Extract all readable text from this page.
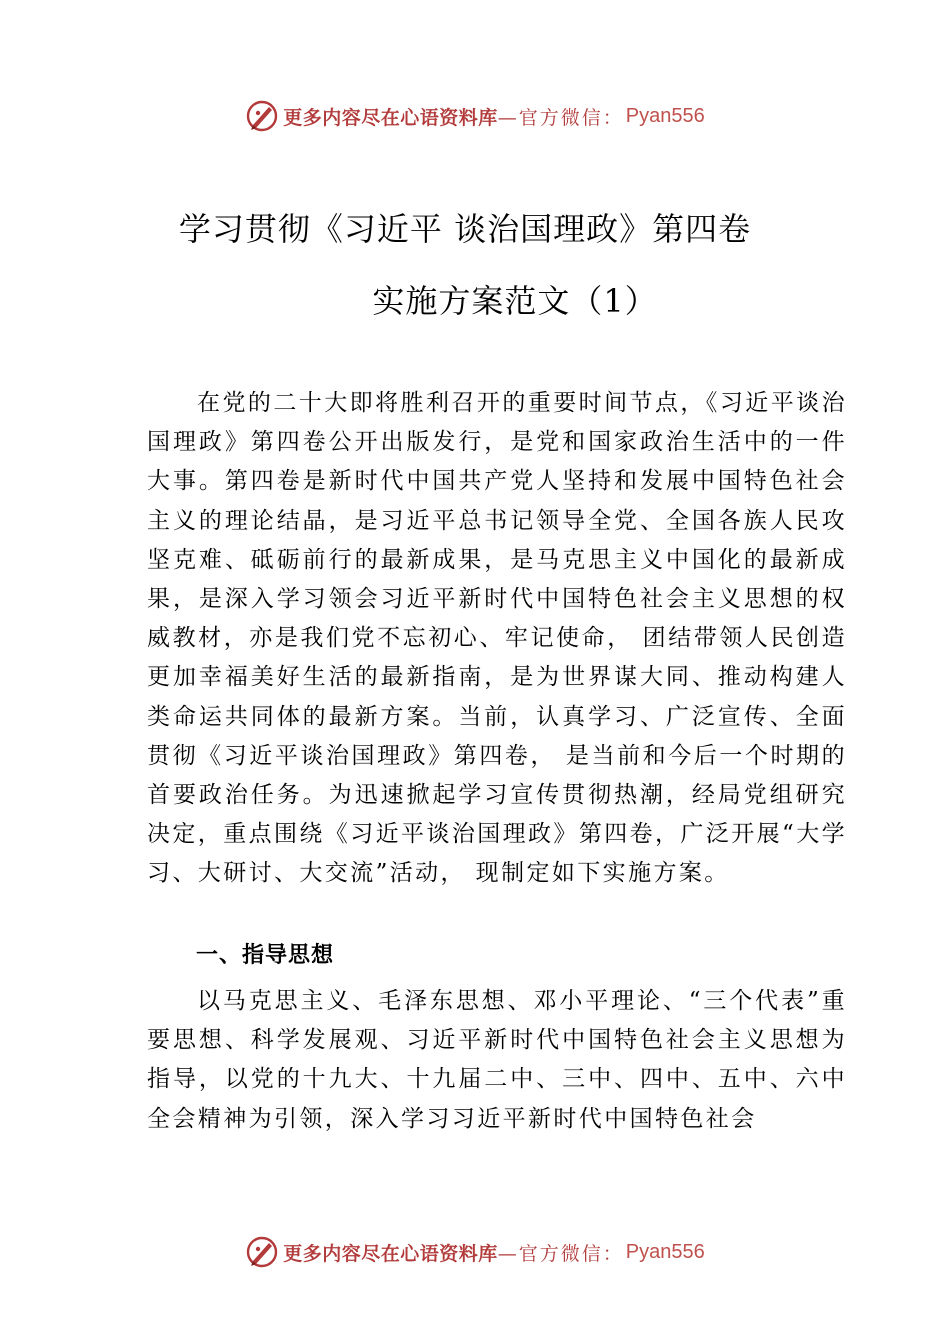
更多内容尽在心语资料库 —官方微信： Pyan556
学习贯彻《习近平 谈治国理政》第四卷
实施方案范文（1）

在党的二十大即将胜利召开的重要时间节点，《习近平谈治国理政》第四卷公开出版发行，是党和国家政治生活中的一件大事。第四卷是新时代中国共产党人坚持和发展中国特色社会主义的理论结晶，是习近平总书记领导全党、全国各族人民攻坚克难、砥砺前行的最新成果，是马克思主义中国化的最新成果，是深入学习领会习近平新时代中国特色社会主义思想的权威教材，亦是我们党不忘初心、牢记使命， 团结带领人民创造更加幸福美好生活的最新指南，是为世界谋大同、推动构建人类命运共同体的最新方案。当前，认真学习、广泛宣传、全面贯彻《习近平谈治国理政》第四卷， 是当前和今后一个时期的首要政治任务。为迅速掀起学习宣传贯彻热潮，经局党组研究决定，重点围绕《习近平谈治国理政》第四卷，广泛开展“大学习、大研讨、大交流”活动， 现制定如下实施方案。

一、指导思想

以马克思主义、毛泽东思想、邓小平理论、“三个代表”重要思想、科学发展观、习近平新时代中国特色社会主义思想为指导，以党的十九大、十九届二中、三中、四中、五中、六中全会精神为引领，深入学习习近平新时代中国特色社会

更多内容尽在心语资料库 —官方微信： Pyan556
